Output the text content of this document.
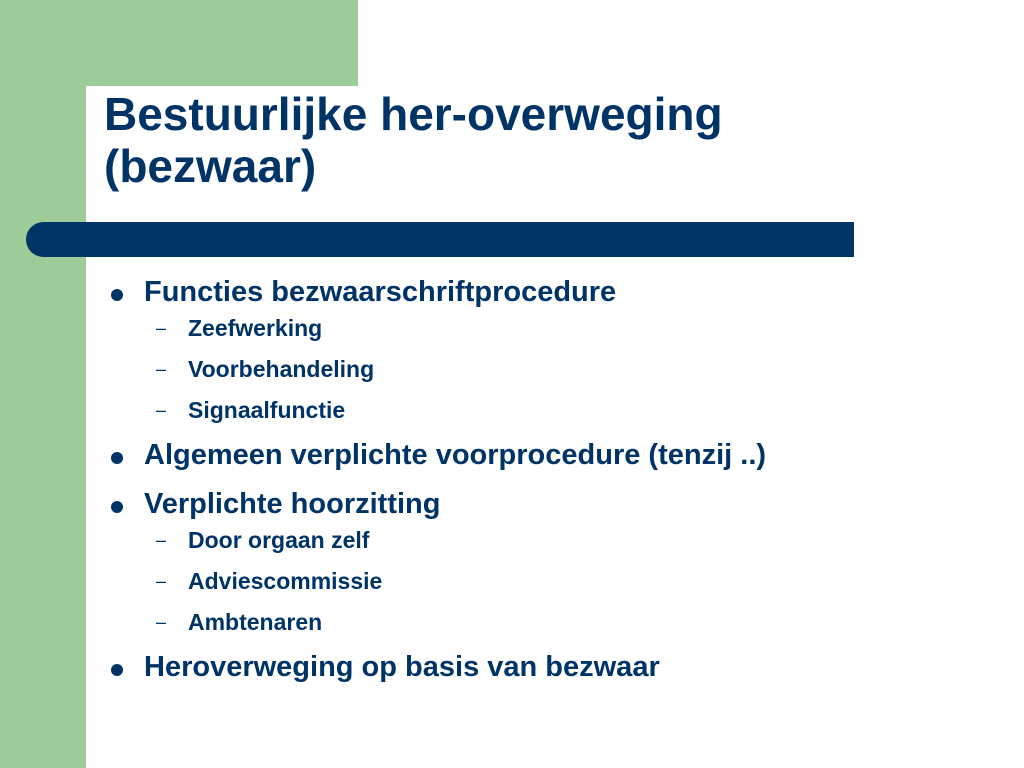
Bestuurlijke her-overweging
(bezwaar)
Functies bezwaarschriftprocedure
– Zeefwerking
– Voorbehandeling
– Signaalfunctie
Algemeen verplichte voorprocedure (tenzij ..)
Verplichte hoorzitting
– Door orgaan zelf
– Adviescommissie
– Ambtenaren
Heroverweging op basis van bezwaar
